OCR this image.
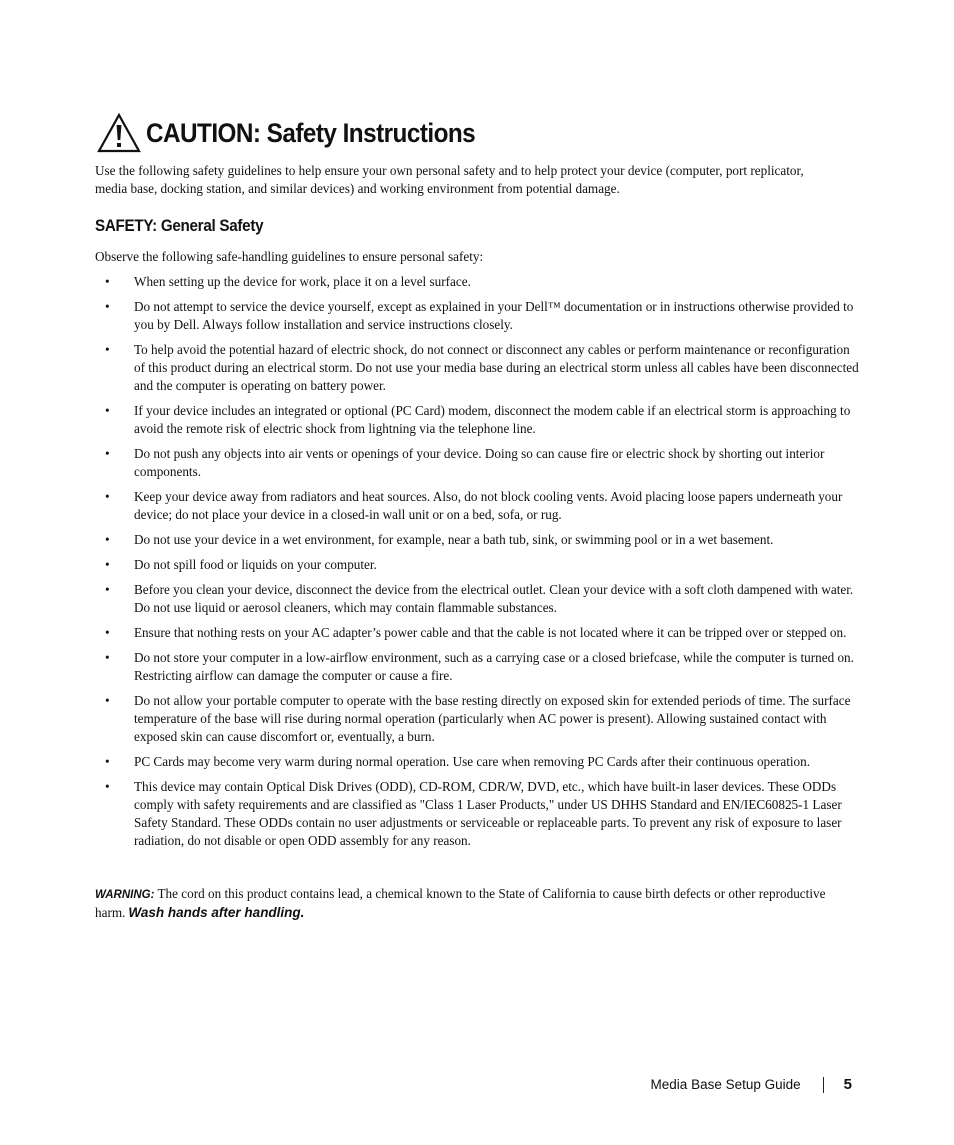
CAUTION: Safety Instructions

Use the following safety guidelines to help ensure your own personal safety and to help protect your device (computer, port replicator, media base, docking station, and similar devices) and working environment from potential damage.

SAFETY: General Safety

Observe the following safe-handling guidelines to ensure personal safety:

• When setting up the device for work, place it on a level surface.
• Do not attempt to service the device yourself, except as explained in your Dell™ documentation or in instructions otherwise provided to you by Dell. Always follow installation and service instructions closely.
• To help avoid the potential hazard of electric shock, do not connect or disconnect any cables or perform maintenance or reconfiguration of this product during an electrical storm. Do not use your media base during an electrical storm unless all cables have been disconnected and the computer is operating on battery power.
• If your device includes an integrated or optional (PC Card) modem, disconnect the modem cable if an electrical storm is approaching to avoid the remote risk of electric shock from lightning via the telephone line.
• Do not push any objects into air vents or openings of your device. Doing so can cause fire or electric shock by shorting out interior components.
• Keep your device away from radiators and heat sources. Also, do not block cooling vents. Avoid placing loose papers underneath your device; do not place your device in a closed-in wall unit or on a bed, sofa, or rug.
• Do not use your device in a wet environment, for example, near a bath tub, sink, or swimming pool or in a wet basement.
• Do not spill food or liquids on your computer.
• Before you clean your device, disconnect the device from the electrical outlet. Clean your device with a soft cloth dampened with water. Do not use liquid or aerosol cleaners, which may contain flammable substances.
• Ensure that nothing rests on your AC adapter’s power cable and that the cable is not located where it can be tripped over or stepped on.
• Do not store your computer in a low-airflow environment, such as a carrying case or a closed briefcase, while the computer is turned on. Restricting airflow can damage the computer or cause a fire.
• Do not allow your portable computer to operate with the base resting directly on exposed skin for extended periods of time. The surface temperature of the base will rise during normal operation (particularly when AC power is present). Allowing sustained contact with exposed skin can cause discomfort or, eventually, a burn.
• PC Cards may become very warm during normal operation. Use care when removing PC Cards after their continuous operation.
• This device may contain Optical Disk Drives (ODD), CD-ROM, CDR/W, DVD, etc., which have built-in laser devices. These ODDs comply with safety requirements and are classified as "Class 1 Laser Products," under US DHHS Standard and EN/IEC60825-1 Laser Safety Standard. These ODDs contain no user adjustments or serviceable or replaceable parts. To prevent any risk of exposure to laser radiation, do not disable or open ODD assembly for any reason.

WARNING: The cord on this product contains lead, a chemical known to the State of California to cause birth defects or other reproductive harm. Wash hands after handling.

Media Base Setup Guide	5
